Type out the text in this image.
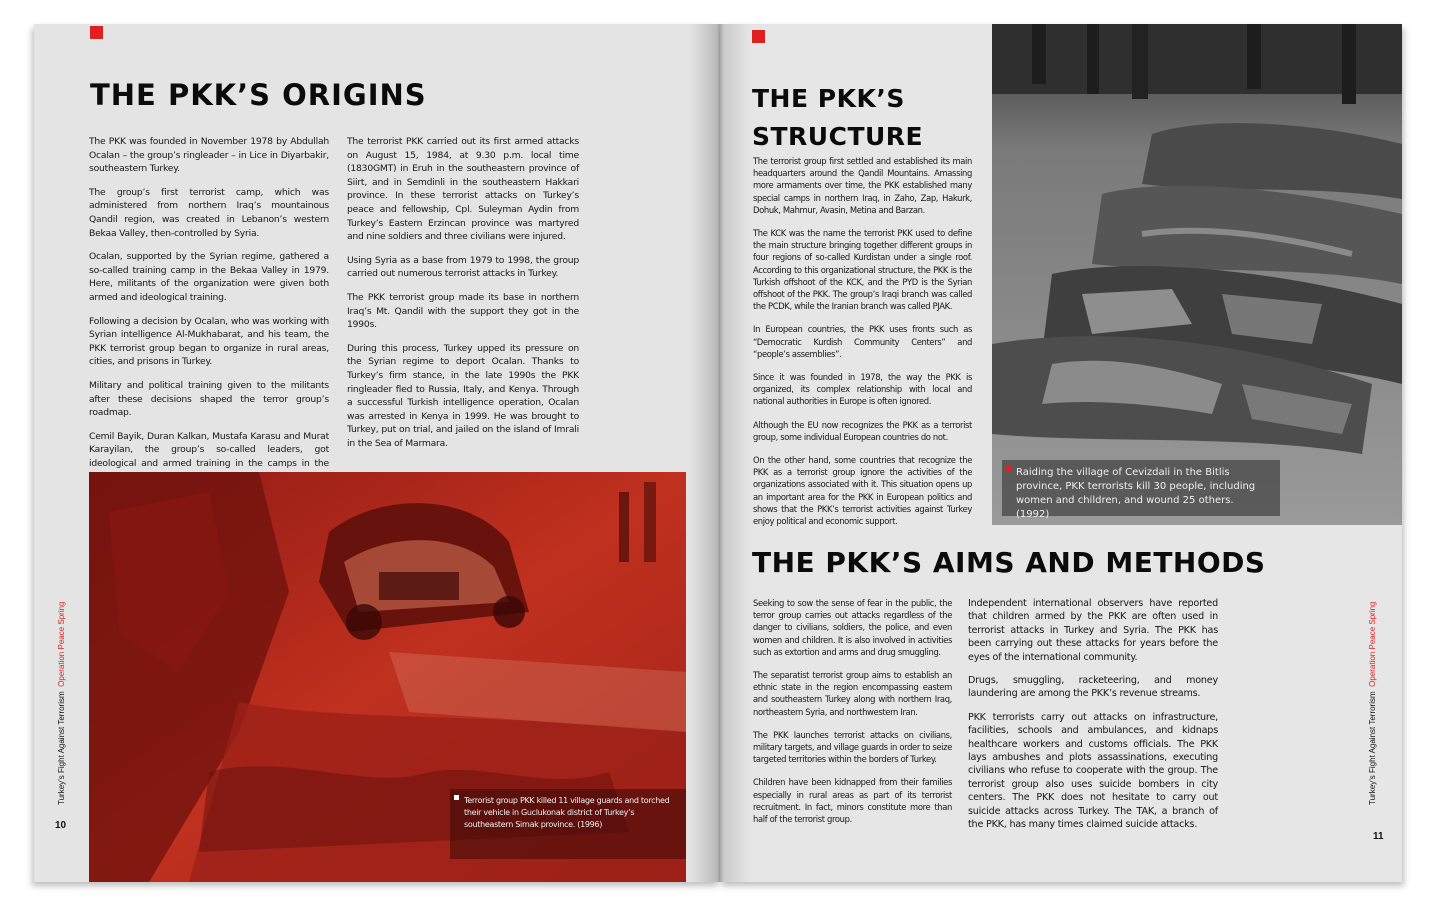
THE PKK’S ORIGINS

The PKK was founded in November 1978 by Abdullah Ocalan – the group’s ringleader – in Lice in Diyarbakir, southeastern Turkey.

The group’s first terrorist camp, which was administered from northern Iraq’s mountainous Qandil region, was created in Lebanon’s western Bekaa Valley, then-controlled by Syria.

Ocalan, supported by the Syrian regime, gathered a so-called training camp in the Bekaa Valley in 1979. Here, militants of the organization were given both armed and ideological training.

Following a decision by Ocalan, who was working with Syrian intelligence Al-Mukhabarat, and his team, the PKK terrorist group began to organize in rural areas, cities, and prisons in Turkey.

Military and political training given to the militants after these decisions shaped the terror group’s roadmap.

Cemil Bayik, Duran Kalkan, Mustafa Karasu and Murat Karayilan, the group’s so-called leaders, got ideological and armed training in the camps in the

The terrorist PKK carried out its first armed attacks on August 15, 1984, at 9.30 p.m. local time (1830GMT) in Eruh in the southeastern province of Siirt, and in Semdinli in the southeastern Hakkari province. In these terrorist attacks on Turkey’s peace and fellowship, Cpl. Suleyman Aydin from Turkey’s Eastern Erzincan province was martyred and nine soldiers and three civilians were injured.

Using Syria as a base from 1979 to 1998, the group carried out numerous terrorist attacks in Turkey.

The PKK terrorist group made its base in northern Iraq’s Mt. Qandil with the support they got in the 1990s.

During this process, Turkey upped its pressure on the Syrian regime to deport Ocalan. Thanks to Turkey’s firm stance, in the late 1990s the PKK ringleader fled to Russia, Italy, and Kenya. Through a successful Turkish intelligence operation, Ocalan was arrested in Kenya in 1999. He was brought to Turkey, put on trial, and jailed on the island of Imrali in the Sea of Marmara.

Terrorist group PKK killed 11 village guards and torched their vehicle in Guclukonak district of Turkey’s southeastern Sirnak province. (1996)
Turkey’s Fight Against Terrorism  Operation Peace Spring
10
THE PKK’S
STRUCTURE

The terrorist group first settled and established its main headquarters around the Qandil Mountains. Amassing more armaments over time, the PKK established many special camps in northern Iraq, in Zaho, Zap, Hakurk, Dohuk, Mahmur, Avasin, Metina and Barzan.

The KCK was the name the terrorist PKK used to define the main structure bringing together different groups in four regions of so-called Kurdistan under a single roof. According to this organizational structure, the PKK is the Turkish offshoot of the KCK, and the PYD is the Syrian offshoot of the PKK. The group’s Iraqi branch was called the PCDK, while the Iranian branch was called PJAK.

In European countries, the PKK uses fronts such as “Democratic Kurdish Community Centers” and “people’s assemblies”.

Since it was founded in 1978, the way the PKK is organized, its complex relationship with local and national authorities in Europe is often ignored.

Although the EU now recognizes the PKK as a terrorist group, some individual European countries do not.

On the other hand, some countries that recognize the PKK as a terrorist group ignore the activities of the organizations associated with it. This situation opens up an important area for the PKK in European politics and shows that the PKK’s terrorist activities against Turkey enjoy political and economic support.

Raiding the village of Cevizdali in the Bitlis province, PKK terrorists kill 30 people, including women and children, and wound 25 others. (1992)
THE PKK’S AIMS AND METHODS

Seeking to sow the sense of fear in the public, the terror group carries out attacks regardless of the danger to civilians, soldiers, the police, and even women and children. It is also involved in activities such as extortion and arms and drug smuggling.

The separatist terrorist group aims to establish an ethnic state in the region encompassing eastern and southeastern Turkey along with northern Iraq, northeastern Syria, and northwestern Iran.

The PKK launches terrorist attacks on civilians, military targets, and village guards in order to seize targeted territories within the borders of Turkey.

Children have been kidnapped from their families especially in rural areas as part of its terrorist recruitment. In fact, minors constitute more than half of the terrorist group.

Independent international observers have reported that children armed by the PKK are often used in terrorist attacks in Turkey and Syria. The PKK has been carrying out these attacks for years before the eyes of the international community.

Drugs, smuggling, racketeering, and money laundering are among the PKK’s revenue streams.

PKK terrorists carry out attacks on infrastructure, facilities, schools and ambulances, and kidnaps healthcare workers and customs officials. The PKK lays ambushes and plots assassinations, executing civilians who refuse to cooperate with the group. The terrorist group also uses suicide bombers in city centers. The PKK does not hesitate to carry out suicide attacks across Turkey. The TAK, a branch of the PKK, has many times claimed suicide attacks.

Turkey’s Fight Against Terrorism  Operation Peace Spring
11
